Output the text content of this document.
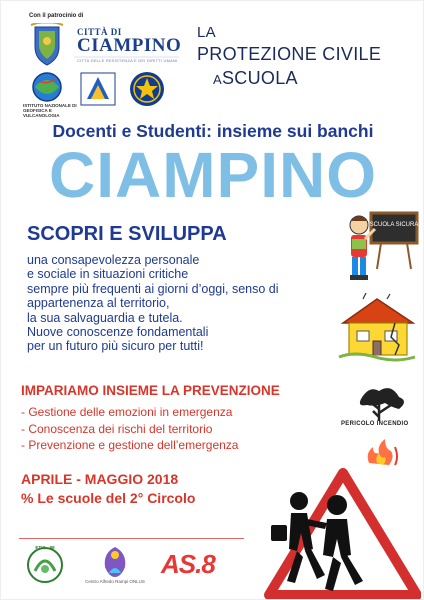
Con il patrocinio di
CITTÀ DI
CIAMPINO
CITTÀ DELLE RESISTENZA E DEI DIRITTI UMANI
ISTITUTO NAZIONALE DI GEOFISICA E VULCANOLOGIA
LA
PROTEZIONE CIVILE
ASCUOLA
Docenti e Studenti: insieme sui banchi
CIAMPINO
SCOPRI E SVILUPPA
una consapevolezza personale
e sociale in situazioni critiche
sempre più frequenti ai giorni d’oggi, senso di
appartenenza al territorio,
la sua salvaguardia e tutela.
Nuove conoscenze fondamentali
per un futuro più sicuro per tutti!
IMPARIAMO INSIEME LA PREVENZIONE
- Gestione delle emozioni in emergenza
- Conoscenza dei rischi del territorio
- Prevenzione e gestione dell’emergenza
APRILE - MAGGIO 2018
% Le scuole del 2° Circolo
SCUOLA SICURA
PERICOLO INCENDIO
ETIC - 98
Centro Alfredo Rampi ONLUS
AS.8
